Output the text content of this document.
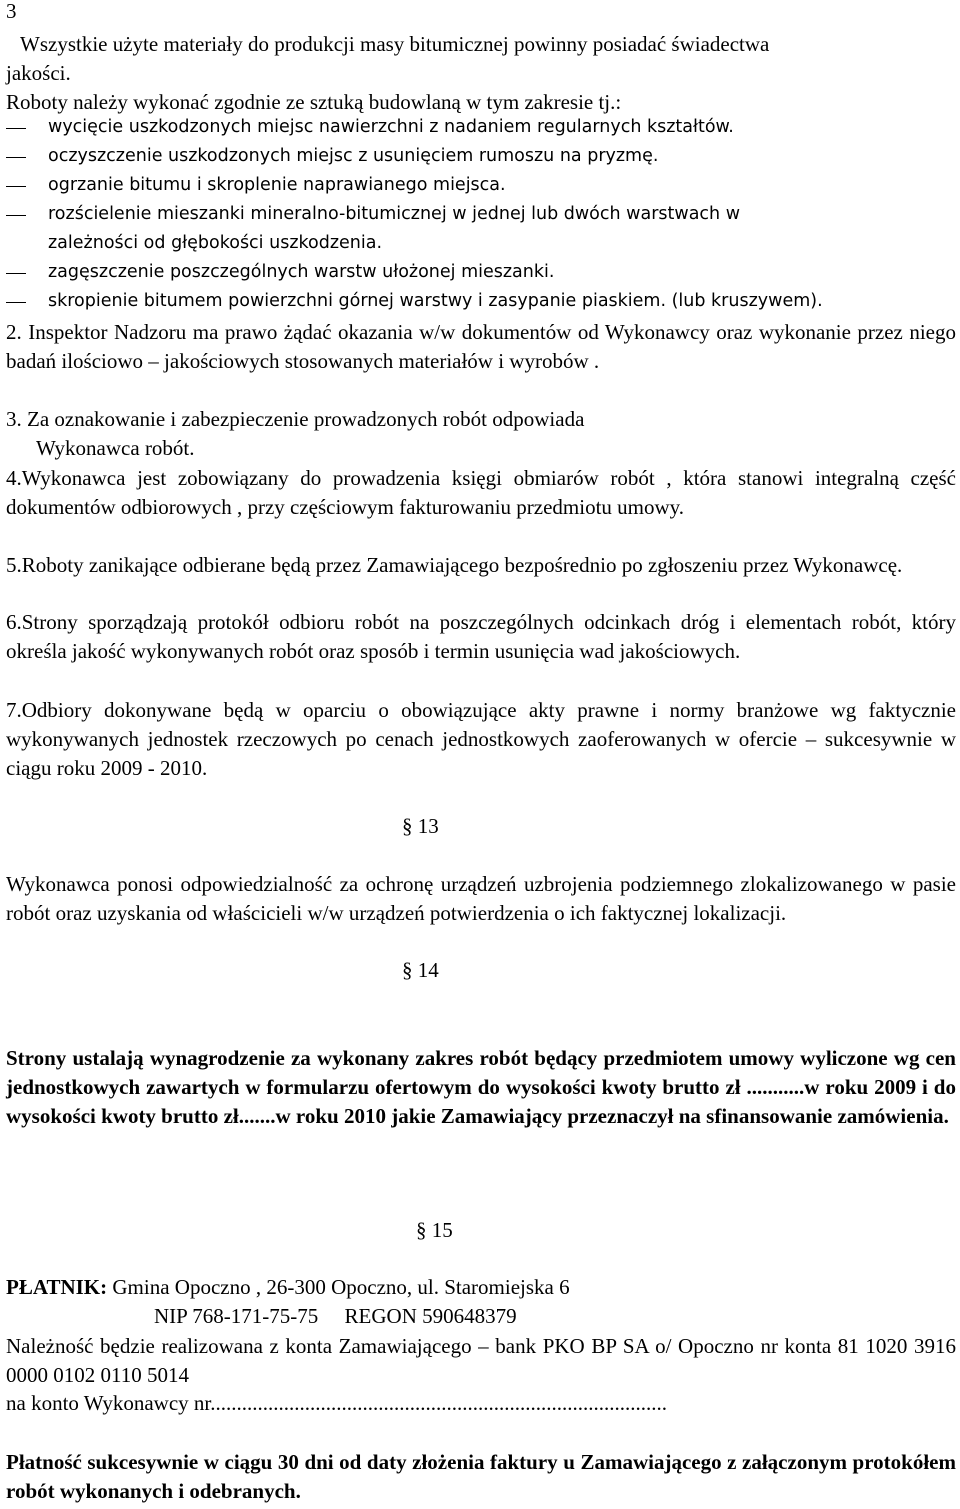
3
Wszystkie użyte materiały do produkcji masy bitumicznej powinny posiadać świadectwa
jakości.
Roboty należy wykonać zgodnie ze sztuką budowlaną w tym zakresie tj.:
wycięcie uszkodzonych miejsc nawierzchni z nadaniem regularnych kształtów.
oczyszczenie uszkodzonych miejsc z usunięciem rumoszu na pryzmę.
ogrzanie bitumu i skroplenie naprawianego miejsca.
rozścielenie mieszanki mineralno-bitumicznej w jednej lub dwóch warstwach w
zależności od głębokości uszkodzenia.
zagęszczenie poszczególnych warstw ułożonej mieszanki.
skropienie bitumem powierzchni górnej warstwy i zasypanie piaskiem. (lub kruszywem).
2. Inspektor Nadzoru ma prawo żądać okazania w/w dokumentów od Wykonawcy oraz wykonanie przez niego badań ilościowo – jakościowych stosowanych materiałów i wyrobów .
3. Za oznakowanie i zabezpieczenie prowadzonych robót odpowiada
Wykonawca robót.
4.Wykonawca jest zobowiązany do prowadzenia księgi obmiarów robót , która stanowi integralną część dokumentów odbiorowych , przy częściowym fakturowaniu przedmiotu umowy.
5.Roboty zanikające odbierane będą przez Zamawiającego bezpośrednio po zgłoszeniu przez Wykonawcę.
6.Strony sporządzają protokół odbioru robót na poszczególnych odcinkach dróg i elementach robót, który określa jakość wykonywanych robót oraz sposób i termin usunięcia wad jakościowych.
7.Odbiory dokonywane będą w oparciu o obowiązujące akty prawne i normy branżowe wg faktycznie wykonywanych jednostek rzeczowych po cenach jednostkowych zaoferowanych w ofercie – sukcesywnie w ciągu roku 2009 - 2010.
§ 13
Wykonawca ponosi odpowiedzialność za ochronę urządzeń uzbrojenia podziemnego zlokalizowanego w pasie robót oraz uzyskania od właścicieli w/w urządzeń potwierdzenia o ich faktycznej lokalizacji.
§ 14
Strony ustalają wynagrodzenie za wykonany zakres robót będący przedmiotem umowy wyliczone wg cen jednostkowych zawartych w formularzu ofertowym do wysokości kwoty brutto zł ...........w roku 2009 i do wysokości kwoty brutto zł.......w roku 2010 jakie Zamawiający przeznaczył na sfinansowanie zamówienia.
§ 15
PŁATNIK: Gmina Opoczno , 26-300 Opoczno, ul. Staromiejska 6
NIP 768-171-75-75     REGON 590648379
Należność będzie realizowana z konta Zamawiającego – bank PKO BP SA o/ Opoczno nr konta 81 1020 3916 0000 0102 0110 5014
na konto Wykonawcy nr.......................................................................................
Płatność sukcesywnie w ciągu 30 dni od daty złożenia faktury u Zamawiającego z załączonym protokółem robót wykonanych i odebranych.
